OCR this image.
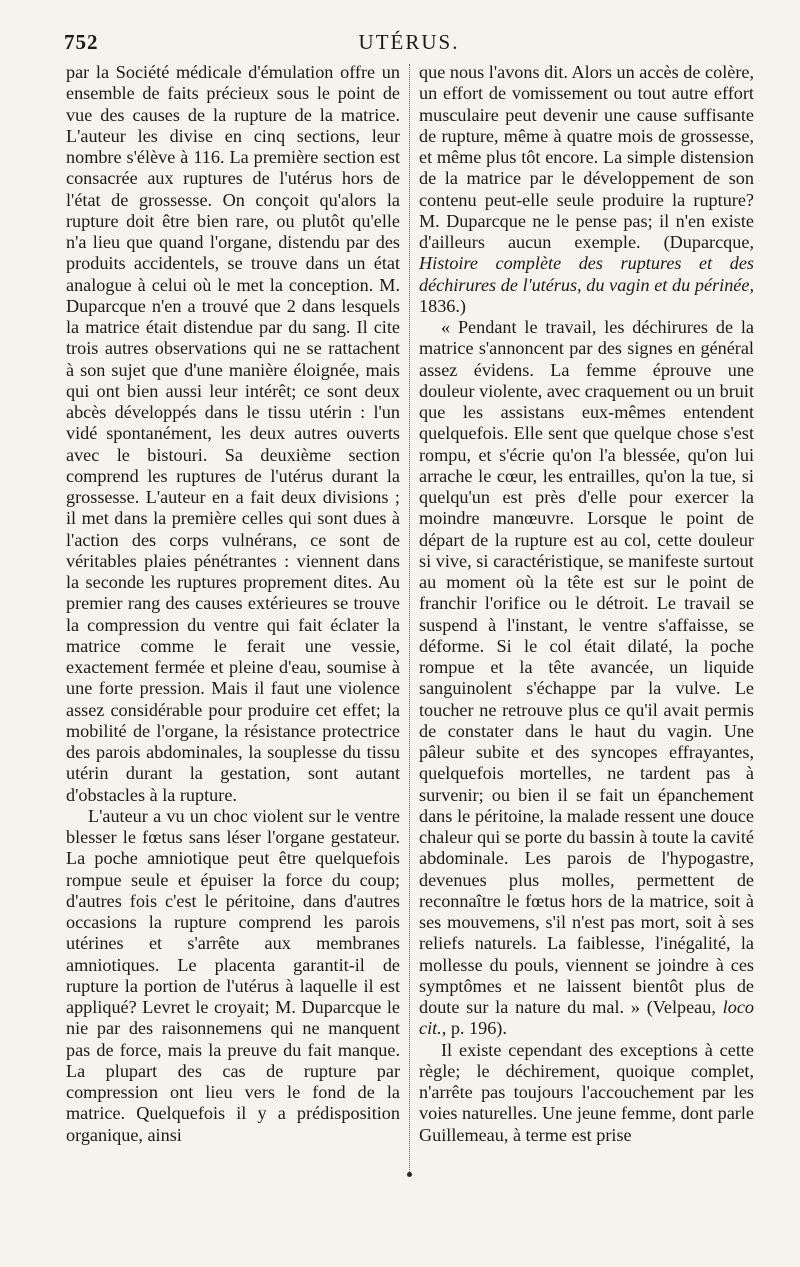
752	UTÉRUS.

par la Société médicale d'émulation offre un ensemble de faits précieux sous le point de vue des causes de la rupture de la matrice. L'auteur les divise en cinq sections, leur nombre s'élève à 116. La première section est consacrée aux ruptures de l'utérus hors de l'état de grossesse. On conçoit qu'alors la rupture doit être bien rare, ou plutôt qu'elle n'a lieu que quand l'organe, distendu par des produits accidentels, se trouve dans un état analogue à celui où le met la conception. M. Duparcque n'en a trouvé que 2 dans lesquels la matrice était distendue par du sang. Il cite trois autres observations qui ne se rattachent à son sujet que d'une manière éloignée, mais qui ont bien aussi leur intérêt; ce sont deux abcès développés dans le tissu utérin : l'un vidé spontanément, les deux autres ouverts avec le bistouri. Sa deuxième section comprend les ruptures de l'utérus durant la grossesse. L'auteur en a fait deux divisions ; il met dans la première celles qui sont dues à l'action des corps vulnérans, ce sont de véritables plaies pénétrantes : viennent dans la seconde les ruptures proprement dites. Au premier rang des causes extérieures se trouve la compression du ventre qui fait éclater la matrice comme le ferait une vessie, exactement fermée et pleine d'eau, soumise à une forte pression. Mais il faut une violence assez considérable pour produire cet effet; la mobilité de l'organe, la résistance protectrice des parois abdominales, la souplesse du tissu utérin durant la gestation, sont autant d'obstacles à la rupture.

L'auteur a vu un choc violent sur le ventre blesser le fœtus sans léser l'organe gestateur. La poche amniotique peut être quelquefois rompue seule et épuiser la force du coup; d'autres fois c'est le péritoine, dans d'autres occasions la rupture comprend les parois utérines et s'arrête aux membranes amniotiques. Le placenta garantit-il de rupture la portion de l'utérus à laquelle il est appliqué? Levret le croyait; M. Duparcque le nie par des raisonnemens qui ne manquent pas de force, mais la preuve du fait manque. La plupart des cas de rupture par compression ont lieu vers le fond de la matrice. Quelquefois il y a prédisposition organique, ainsi

que nous l'avons dit. Alors un accès de colère, un effort de vomissement ou tout autre effort musculaire peut devenir une cause suffisante de rupture, même à quatre mois de grossesse, et même plus tôt encore. La simple distension de la matrice par le développement de son contenu peut-elle seule produire la rupture? M. Duparcque ne le pense pas; il n'en existe d'ailleurs aucun exemple. (Duparcque, Histoire complète des ruptures et des déchirures de l'utérus, du vagin et du périnée, 1836.)

« Pendant le travail, les déchirures de la matrice s'annoncent par des signes en général assez évidens. La femme éprouve une douleur violente, avec craquement ou un bruit que les assistans eux-mêmes entendent quelquefois. Elle sent que quelque chose s'est rompu, et s'écrie qu'on l'a blessée, qu'on lui arrache le cœur, les entrailles, qu'on la tue, si quelqu'un est près d'elle pour exercer la moindre manœuvre. Lorsque le point de départ de la rupture est au col, cette douleur si vive, si caractéristique, se manifeste surtout au moment où la tête est sur le point de franchir l'orifice ou le détroit. Le travail se suspend à l'instant, le ventre s'affaisse, se déforme. Si le col était dilaté, la poche rompue et la tête avancée, un liquide sanguinolent s'échappe par la vulve. Le toucher ne retrouve plus ce qu'il avait permis de constater dans le haut du vagin. Une pâleur subite et des syncopes effrayantes, quelquefois mortelles, ne tardent pas à survenir; ou bien il se fait un épanchement dans le péritoine, la malade ressent une douce chaleur qui se porte du bassin à toute la cavité abdominale. Les parois de l'hypogastre, devenues plus molles, permettent de reconnaître le fœtus hors de la matrice, soit à ses mouvemens, s'il n'est pas mort, soit à ses reliefs naturels. La faiblesse, l'inégalité, la mollesse du pouls, viennent se joindre à ces symptômes et ne laissent bientôt plus de doute sur la nature du mal. » (Velpeau, loco cit., p. 196).

Il existe cependant des exceptions à cette règle; le déchirement, quoique complet, n'arrête pas toujours l'accouchement par les voies naturelles. Une jeune femme, dont parle Guillemeau, à terme est prise
